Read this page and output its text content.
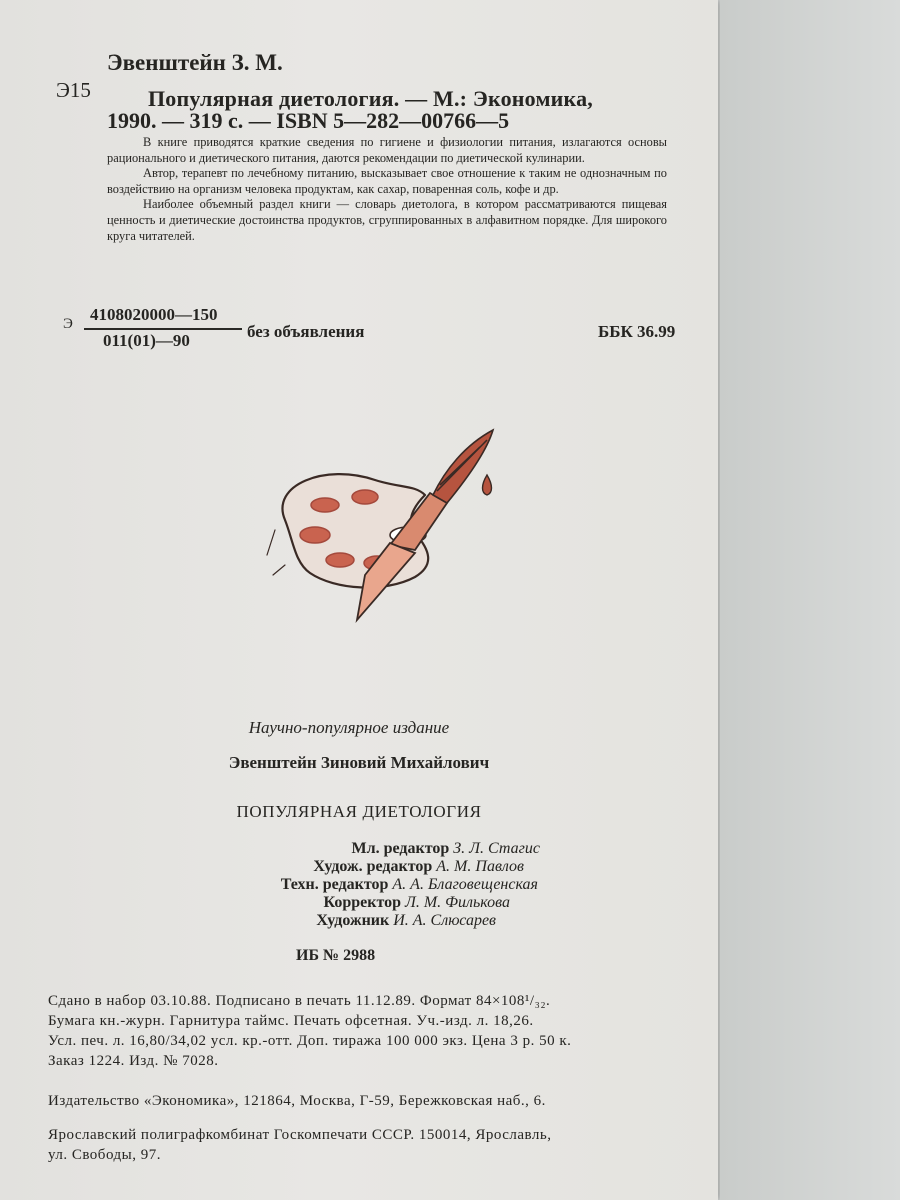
Эвенштейн З. М.
Э15	Популярная диетология. — М.: Экономика,
1990. — 319 с. — ISBN 5—282—00766—5

В книге приводятся краткие сведения по гигиене и физиологии питания, излагаются основы рационального и диетического питания, даются рекомендации по диетической кулинарии.

Автор, терапевт по лечебному питанию, высказывает свое отношение к таким не однозначным по воздействию на организм человека продуктам, как сахар, поваренная соль, кофе и др.

Наиболее объемный раздел книги — словарь диетолога, в котором рассматриваются пищевая ценность и диетические достоинства продуктов, сгруппированных в алфавитном порядке. Для широкого круга читателей.

Э 4108020000—150
011(01)—90	без объявления	ББК 36.99
Научно-популярное издание
Эвенштейн Зиновий Михайлович
ПОПУЛЯРНАЯ ДИЕТОЛОГИЯ
Мл. редактор З. Л. Стагис
Худож. редактор А. М. Павлов
Техн. редактор А. А. Благовещенская
Корректор Л. М. Филькова
Художник И. А. Слюсарев
ИБ № 2988
Сдано в набор 03.10.88. Подписано в печать 11.12.89. Формат 84×108¹/₃₂.
Бумага кн.-журн. Гарнитура таймс. Печать офсетная. Уч.-изд. л. 18,26.
Усл. печ. л. 16,80/34,02 усл. кр.-отт. Доп. тиража 100 000 экз. Цена 3 р. 50 к.
Заказ 1224. Изд. № 7028.
Издательство «Экономика», 121864, Москва, Г-59, Бережковская наб., 6.
Ярославский полиграфкомбинат Госкомпечати СССР. 150014, Ярославль,
ул. Свободы, 97.
